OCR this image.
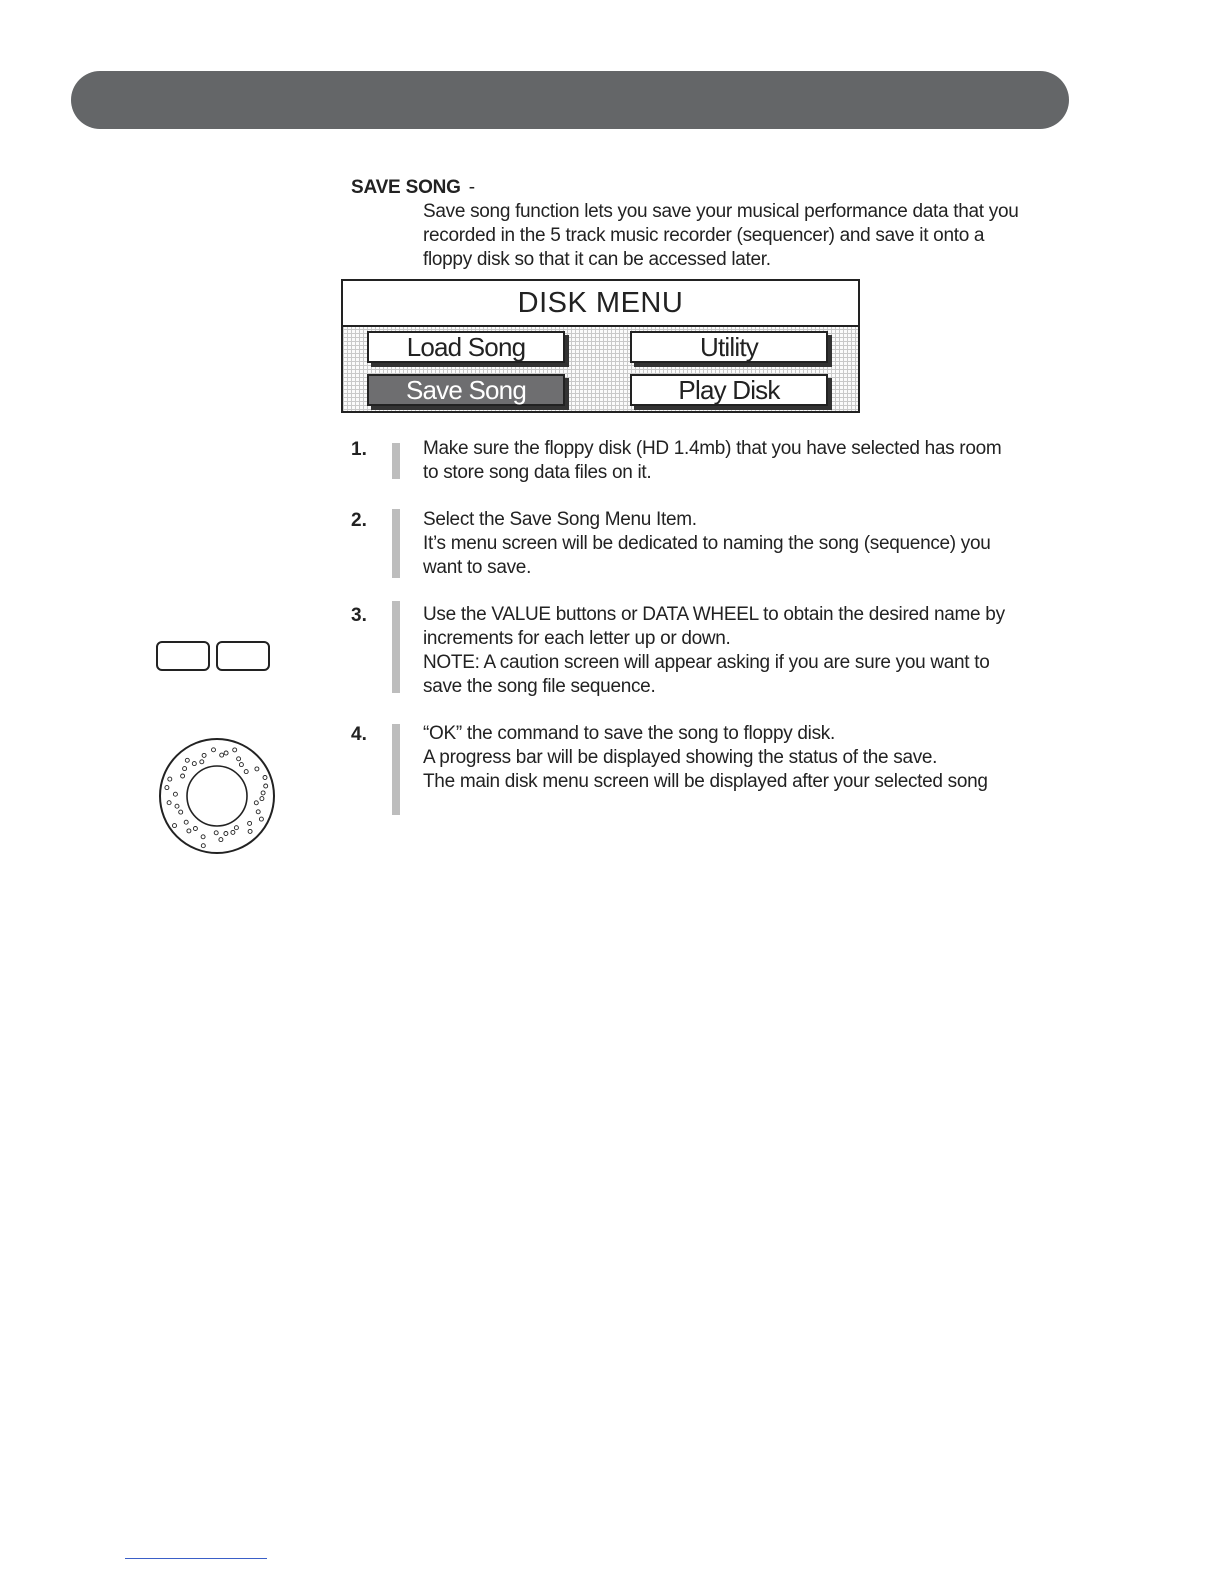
SAVE SONG -

Save song function lets you save your musical performance data that you

recorded in the 5 track music recorder (sequencer) and save it onto a

floppy disk so that it can be accessed later.

DISK MENU
Load Song	Utility
Save Song	Play Disk
1.	Make sure the floppy disk (HD 1.4mb) that you have selected has room

to store song data files on it.

2.	Select the Save Song Menu Item.

It’s menu screen will be dedicated to naming the song (sequence) you

want to save.

3.	Use the VALUE buttons or DATA WHEEL to obtain the desired name by

increments for each letter up or down.

NOTE: A caution screen will appear asking if you are sure you want to

save the song file sequence.

4.	“OK” the command to save the song to floppy disk.

A progress bar will be displayed showing the status of the save.

The main disk menu screen will be displayed after your selected song
